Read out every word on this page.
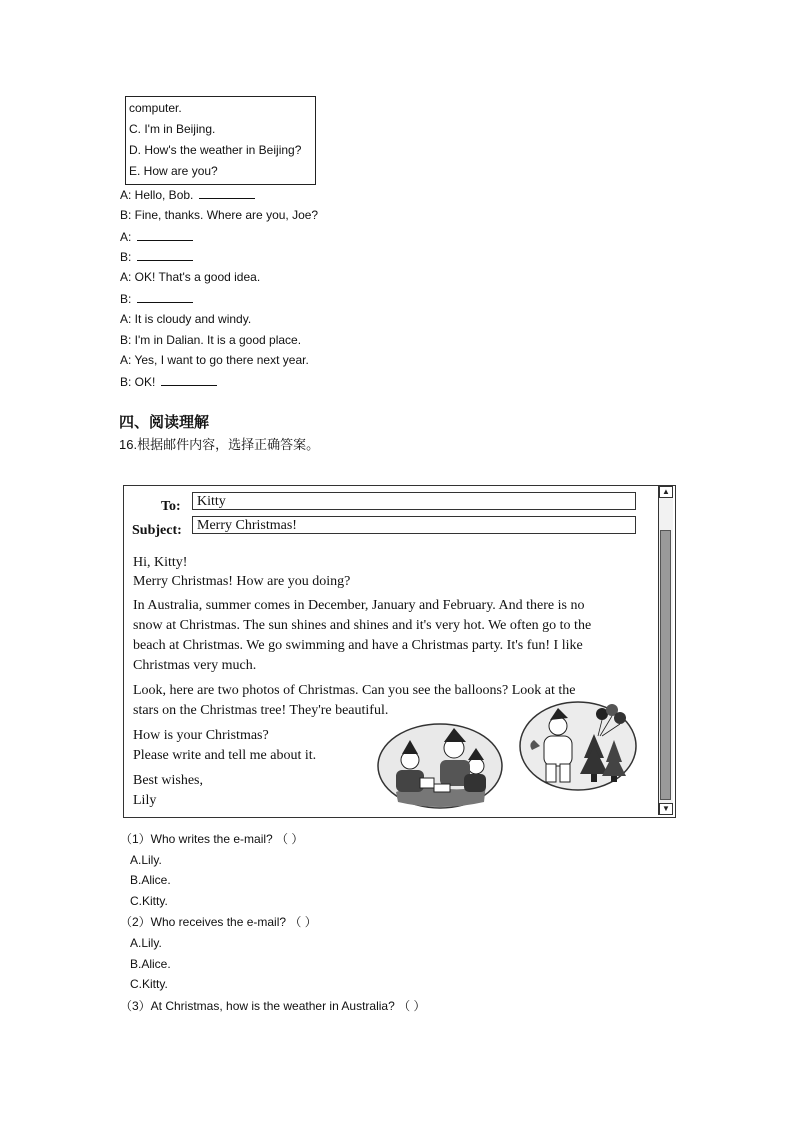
computer.
C. I'm in Beijing.
D. How's the weather in Beijing?
E. How are you?
A: Hello, Bob.
B: Fine, thanks. Where are you, Joe?
A:
B:
A: OK! That's a good idea.
B:
A: It is cloudy and windy.
B: I'm in Dalian. It is a good place.
A: Yes, I want to go there next year.
B: OK!
四、阅读理解
16.根据邮件内容，选择正确答案。
To:	Kitty
Subject:	Merry Christmas!
Hi, Kitty!
Merry Christmas! How are you doing?
In Australia, summer comes in December, January and February. And there is no
snow at Christmas. The sun shines and shines and it's very hot. We often go to the
beach at Christmas. We go swimming and have a Christmas party. It's fun! I like
Christmas very much.
Look, here are two photos of Christmas. Can you see the balloons? Look at the
stars on the Christmas tree! They're beautiful.
How is your Christmas?
Please write and tell me about it.
Best wishes,
Lily
▲
▼
（1）Who writes the e-mail? （ ）
A.Lily.
B.Alice.
C.Kitty.
（2）Who receives the e-mail? （ ）
A.Lily.
B.Alice.
C.Kitty.
（3）At Christmas, how is the weather in Australia? （ ）
